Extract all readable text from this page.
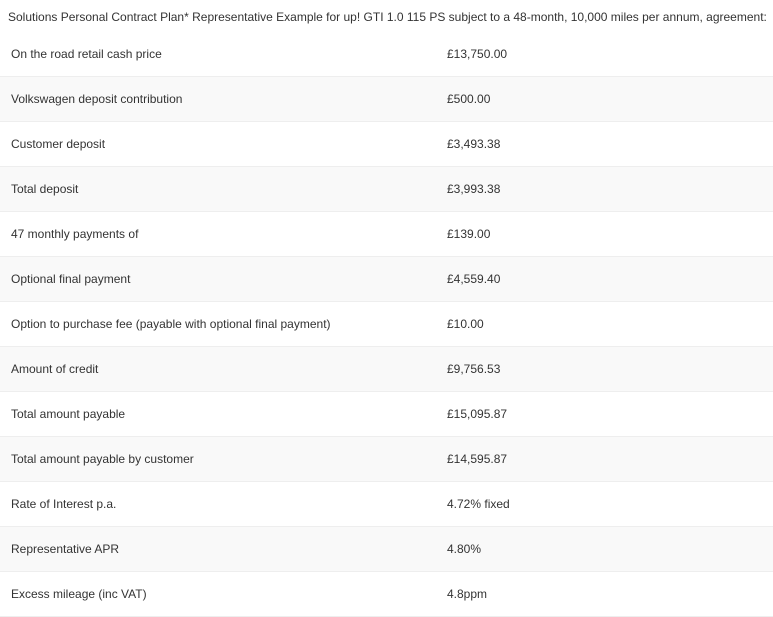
Solutions Personal Contract Plan* Representative Example for up! GTI 1.0 115 PS subject to a 48-month, 10,000 miles per annum, agreement:
On the road retail cash price	£13,750.00
Volkswagen deposit contribution	£500.00
Customer deposit	£3,493.38
Total deposit	£3,993.38
47 monthly payments of	£139.00
Optional final payment	£4,559.40
Option to purchase fee (payable with optional final payment)	£10.00
Amount of credit	£9,756.53
Total amount payable	£15,095.87
Total amount payable by customer	£14,595.87
Rate of Interest p.a.	4.72% fixed
Representative APR	4.80%
Excess mileage (inc VAT)	4.8ppm
